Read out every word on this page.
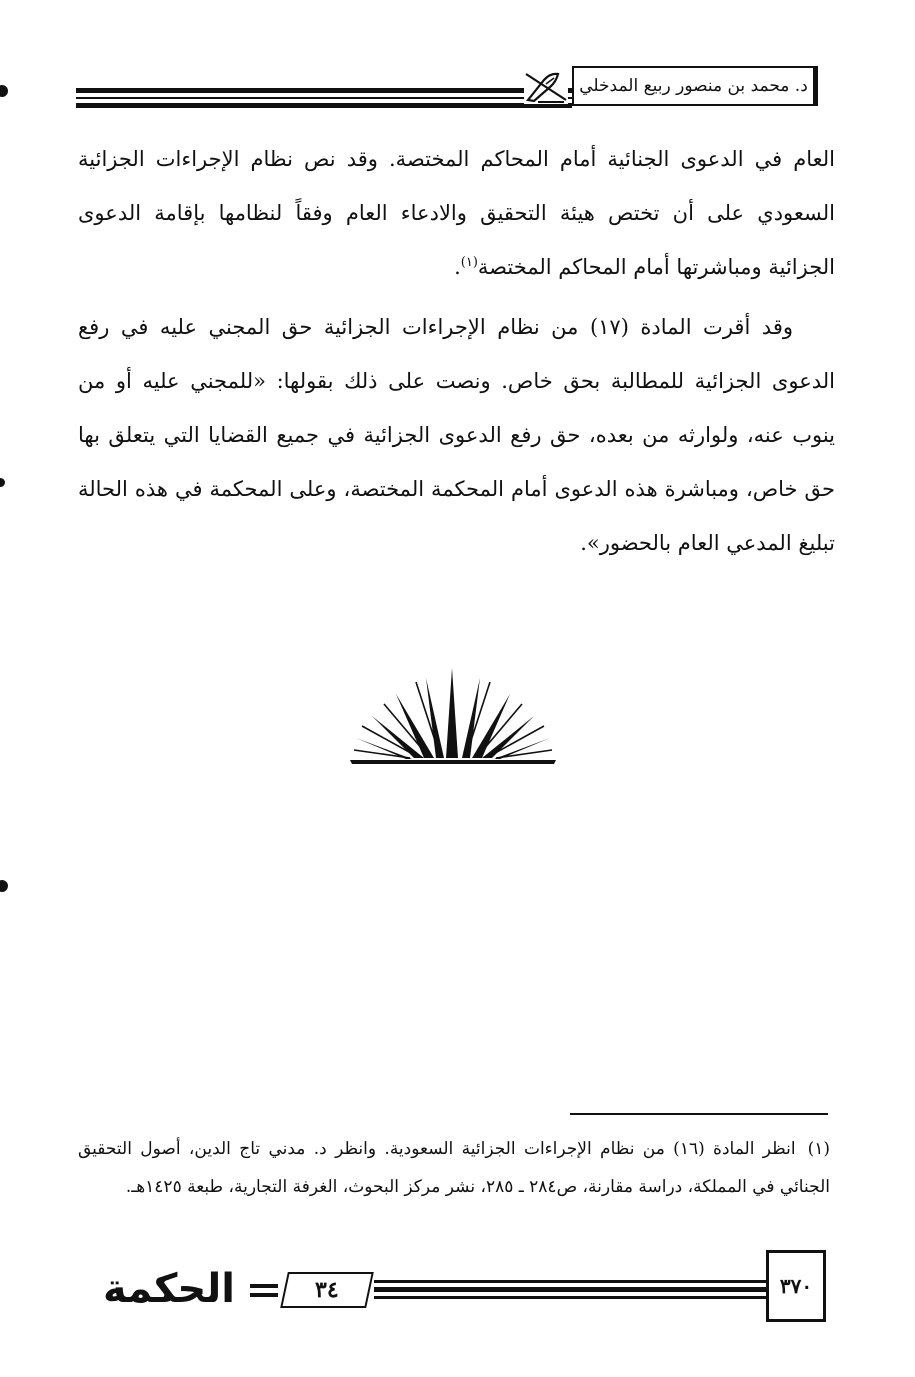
د. محمد بن منصور ربيع المدخلي

العام في الدعوى الجنائية أمام المحاكم المختصة. وقد نص نظام الإجراءات الجزائية السعودي على أن تختص هيئة التحقيق والادعاء العام وفقاً لنظامها بإقامة الدعوى الجزائية ومباشرتها أمام المحاكم المختصة$^{(١)}$.

وقد أقرت المادة (١٧) من نظام الإجراءات الجزائية حق المجني عليه في رفع الدعوى الجزائية للمطالبة بحق خاص. ونصت على ذلك بقولها: «للمجني عليه أو من ينوب عنه، ولوارثه من بعده، حق رفع الدعوى الجزائية في جميع القضايا التي يتعلق بها حق خاص، ومباشرة هذه الدعوى أمام المحكمة المختصة، وعلى المحكمة في هذه الحالة تبليغ المدعي العام بالحضور».

(١)انظر المادة (١٦) من نظام الإجراءات الجزائية السعودية. وانظر د. مدني تاج الدين، أصول التحقيق الجنائي في المملكة، دراسة مقارنة، ص٢٨٤ ـ ٢٨٥، نشر مركز البحوث، الغرفة التجارية، طبعة ١٤٢٥هـ.
٣٧٠
٣٤
الحكمة
